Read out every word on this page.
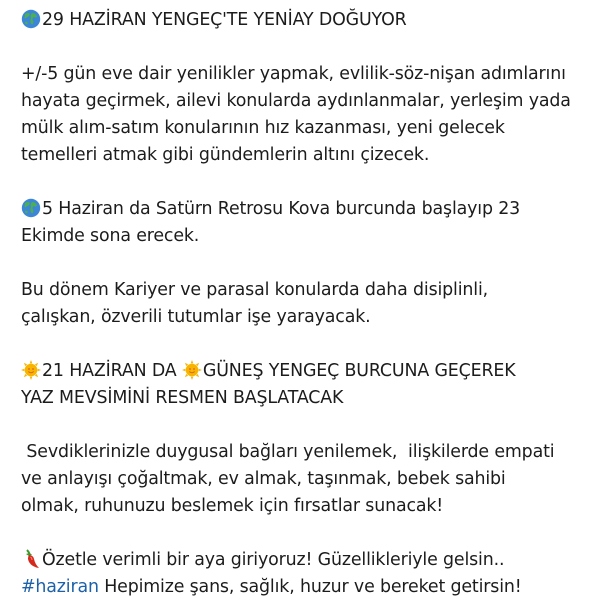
29 HAZİRAN YENGEÇ'TE YENİAY DOĞUYOR
+/-5 gün eve dair yenilikler yapmak, evlilik-söz-nişan adımlarını
hayata geçirmek, ailevi konularda aydınlanmalar, yerleşim yada
mülk alım-satım konularının hız kazanması, yeni gelecek
temelleri atmak gibi gündemlerin altını çizecek.
5 Haziran da Satürn Retrosu Kova burcunda başlayıp 23
Ekimde sona erecek.
Bu dönem Kariyer ve parasal konularda daha disiplinli,
çalışkan, özverili tutumlar işe yarayacak.
21 HAZİRAN DA
GÜNEŞ YENGEÇ BURCUNA GEÇEREK
YAZ MEVSİMİNİ RESMEN BAŞLATACAK
Sevdiklerinizle duygusal bağları yenilemek,  ilişkilerde empati
ve anlayışı çoğaltmak, ev almak, taşınmak, bebek sahibi
olmak, ruhunuzu beslemek için fırsatlar sunacak!
Özetle verimli bir aya giriyoruz! Güzellikleriyle gelsin..
#haziran Hepimize şans, sağlık, huzur ve bereket getirsin!
